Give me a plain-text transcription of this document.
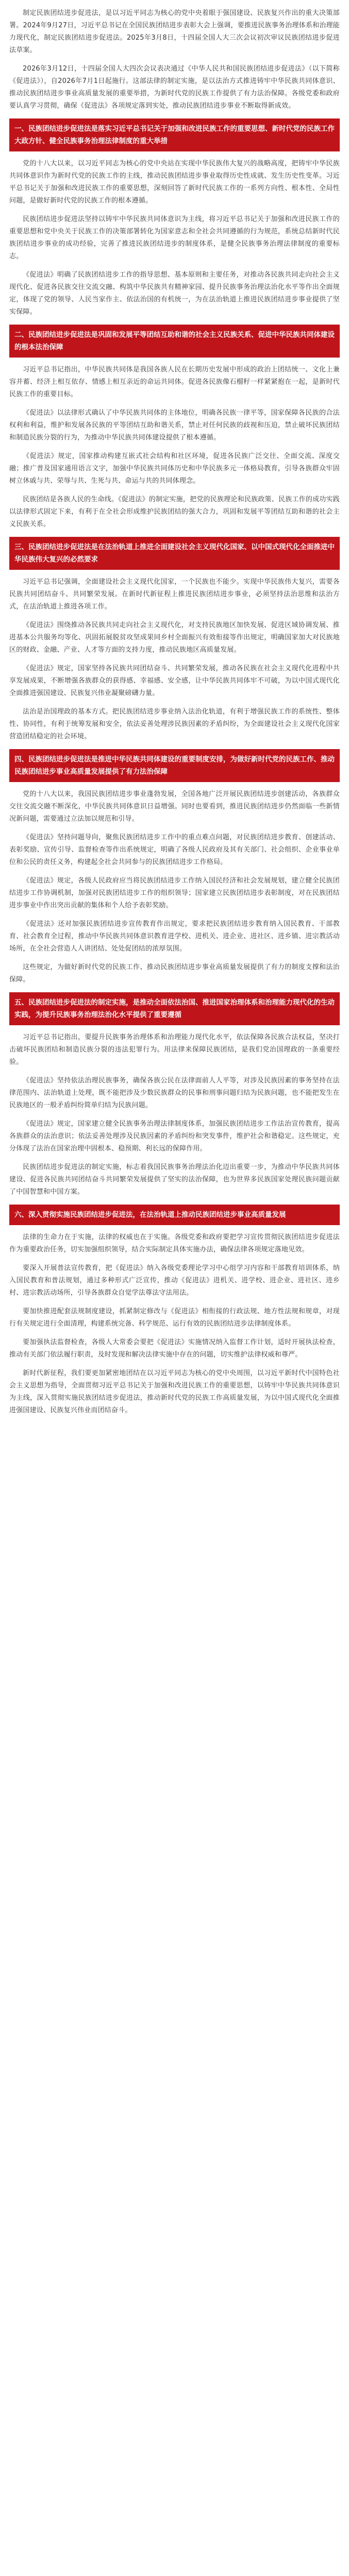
制定民族团结进步促进法，是以习近平同志为核心的党中央着眼于强国建设、民族复兴作出的重大决策部署。2024年9月27日，习近平总书记在全国民族团结进步表彰大会上强调，要推进民族事务治理体系和治理能力现代化，制定民族团结进步促进法。2025年3月8日，十四届全国人大三次会议初次审议民族团结进步促进法草案。

2026年3月12日，十四届全国人大四次会议表决通过《中华人民共和国民族团结进步促进法》（以下简称《促进法》），自2026年7月1日起施行。这部法律的制定实施，是以法治方式推进铸牢中华民族共同体意识、推动民族团结进步事业高质量发展的重要举措，为新时代党的民族工作提供了有力法治保障。各级党委和政府要认真学习贯彻，确保《促进法》各项规定落到实处，推动民族团结进步事业不断取得新成效。

一、民族团结进步促进法是落实习近平总书记关于加强和改进民族工作的重要思想、新时代党的民族工作大政方针、健全民族事务治理法律制度的重大举措

党的十八大以来，以习近平同志为核心的党中央站在实现中华民族伟大复兴的战略高度，把铸牢中华民族共同体意识作为新时代党的民族工作的主线，推动民族团结进步事业取得历史性成就、发生历史性变革。习近平总书记关于加强和改进民族工作的重要思想，深刻回答了新时代民族工作的一系列方向性、根本性、全局性问题，是做好新时代党的民族工作的根本遵循。

民族团结进步促进法坚持以铸牢中华民族共同体意识为主线，将习近平总书记关于加强和改进民族工作的重要思想和党中央关于民族工作的决策部署转化为国家意志和全社会共同遵循的行为规范，系统总结新时代民族团结进步事业的成功经验，完善了推进民族团结进步的制度体系，是健全民族事务治理法律制度的重要标志。

《促进法》明确了民族团结进步工作的指导思想、基本原则和主要任务，对推动各民族共同走向社会主义现代化、促进各民族交往交流交融、构筑中华民族共有精神家园、提升民族事务治理法治化水平等作出全面规定，体现了党的领导、人民当家作主、依法治国的有机统一，为在法治轨道上推进民族团结进步事业提供了坚实保障。

二、民族团结进步促进法是巩固和发展平等团结互助和谐的社会主义民族关系、促进中华民族共同体建设的根本法治保障

习近平总书记指出，中华民族共同体是我国各族人民在长期历史发展中形成的政治上团结统一、文化上兼容并蓄、经济上相互依存、情感上相互亲近的命运共同体。促进各民族像石榴籽一样紧紧抱在一起，是新时代民族工作的重要目标。

《促进法》以法律形式确认了中华民族共同体的主体地位，明确各民族一律平等，国家保障各民族的合法权利和利益，维护和发展各民族的平等团结互助和谐关系，禁止对任何民族的歧视和压迫，禁止破坏民族团结和制造民族分裂的行为，为推动中华民族共同体建设提供了根本遵循。

《促进法》规定，国家推动构建互嵌式社会结构和社区环境，促进各民族广泛交往、全面交流、深度交融；推广普及国家通用语言文字，加强中华民族共同体历史和中华民族多元一体格局教育，引导各族群众牢固树立休戚与共、荣辱与共、生死与共、命运与共的共同体理念。

民族团结是各族人民的生命线。《促进法》的制定实施，把党的民族理论和民族政策、民族工作的成功实践以法律形式固定下来，有利于在全社会形成维护民族团结的强大合力，巩固和发展平等团结互助和谐的社会主义民族关系。

三、民族团结进步促进法是在法治轨道上推进全面建设社会主义现代化国家、以中国式现代化全面推进中华民族伟大复兴的必然要求

习近平总书记强调，全面建设社会主义现代化国家，一个民族也不能少。实现中华民族伟大复兴，需要各民族共同团结奋斗、共同繁荣发展。在新时代新征程上推进民族团结进步事业，必须坚持法治思维和法治方式，在法治轨道上推进各项工作。

《促进法》围绕推动各民族共同走向社会主义现代化，对支持民族地区加快发展、促进区域协调发展、推进基本公共服务均等化、巩固拓展脱贫攻坚成果同乡村全面振兴有效衔接等作出规定，明确国家加大对民族地区的财政、金融、产业、人才等方面的支持力度，推动民族地区高质量发展。

《促进法》规定，国家坚持各民族共同团结奋斗、共同繁荣发展，推动各民族在社会主义现代化进程中共享发展成果，不断增强各族群众的获得感、幸福感、安全感，让中华民族共同体牢不可破，为以中国式现代化全面推进强国建设、民族复兴伟业凝聚磅礴力量。

法治是治国理政的基本方式。把民族团结进步事业纳入法治化轨道，有利于增强民族工作的系统性、整体性、协同性，有利于统筹发展和安全，依法妥善处理涉民族因素的矛盾纠纷，为全面建设社会主义现代化国家营造团结稳定的社会环境。

四、民族团结进步促进法是推进中华民族共同体建设的重要制度安排，为做好新时代党的民族工作、推动民族团结进步事业高质量发展提供了有力法治保障

党的十八大以来，我国民族团结进步事业蓬勃发展，全国各地广泛开展民族团结进步创建活动，各族群众交往交流交融不断深化，中华民族共同体意识日益增强。同时也要看到，推进民族团结进步仍然面临一些新情况新问题，需要通过立法加以规范和引导。

《促进法》坚持问题导向，聚焦民族团结进步工作中的重点难点问题，对民族团结进步教育、创建活动、表彰奖励、宣传引导、监督检查等作出系统规定，明确了各级人民政府及其有关部门、社会组织、企业事业单位和公民的责任义务，构建起全社会共同参与的民族团结进步工作格局。

《促进法》规定，各级人民政府应当将民族团结进步工作纳入国民经济和社会发展规划，建立健全民族团结进步工作协调机制，加强对民族团结进步工作的组织领导；国家建立民族团结进步表彰制度，对在民族团结进步事业中作出突出贡献的集体和个人给予表彰奖励。

《促进法》还对加强民族团结进步宣传教育作出规定，要求把民族团结进步教育纳入国民教育、干部教育、社会教育全过程，推动中华民族共同体意识教育进学校、进机关、进企业、进社区、进乡镇、进宗教活动场所，在全社会营造人人讲团结、处处促团结的浓厚氛围。

这些规定，为做好新时代党的民族工作、推动民族团结进步事业高质量发展提供了有力的制度支撑和法治保障。

五、民族团结进步促进法的制定实施，是推动全面依法治国、推进国家治理体系和治理能力现代化的生动实践，为提升民族事务治理法治化水平提供了重要遵循

习近平总书记指出，要提升民族事务治理体系和治理能力现代化水平，依法保障各民族合法权益，坚决打击破坏民族团结和制造民族分裂的违法犯罪行为。用法律来保障民族团结，是我们党治国理政的一条重要经验。

《促进法》坚持依法治理民族事务，确保各族公民在法律面前人人平等，对涉及民族因素的事务坚持在法律范围内、法治轨道上处理，既不能把涉及少数民族群众的民事和刑事问题归结为民族问题，也不能把发生在民族地区的一般矛盾纠纷简单归结为民族问题。

《促进法》规定，国家建立健全民族事务治理法律制度体系，加强民族团结进步工作法治宣传教育，提高各族群众的法治意识；依法妥善处理涉及民族因素的矛盾纠纷和突发事件，维护社会和谐稳定。这些规定，充分体现了法治在国家治理中固根本、稳预期、利长远的保障作用。

民族团结进步促进法的制定实施，标志着我国民族事务治理法治化迈出重要一步，为推动中华民族共同体建设、促进各民族共同团结奋斗共同繁荣发展提供了坚实的法治保障，也为世界多民族国家处理民族问题贡献了中国智慧和中国方案。

六、深入贯彻实施民族团结进步促进法，在法治轨道上推动民族团结进步事业高质量发展

法律的生命力在于实施，法律的权威也在于实施。各级党委和政府要把学习宣传贯彻民族团结进步促进法作为重要政治任务，切实加强组织领导，结合实际制定具体实施办法，确保法律各项规定落地见效。

要深入开展普法宣传教育，把《促进法》纳入各级党委理论学习中心组学习内容和干部教育培训体系，纳入国民教育和普法规划，通过多种形式广泛宣传，推动《促进法》进机关、进学校、进企业、进社区、进乡村、进宗教活动场所，引导各族群众自觉学法尊法守法用法。

要加快推进配套法规制度建设，抓紧制定修改与《促进法》相衔接的行政法规、地方性法规和规章，对现行有关规定进行全面清理，构建系统完备、科学规范、运行有效的民族团结进步法律制度体系。

要加强执法监督检查，各级人大常委会要把《促进法》实施情况纳入监督工作计划，适时开展执法检查，推动有关部门依法履行职责，及时发现和解决法律实施中存在的问题，切实维护法律权威和尊严。

新时代新征程，我们要更加紧密地团结在以习近平同志为核心的党中央周围，以习近平新时代中国特色社会主义思想为指导，全面贯彻习近平总书记关于加强和改进民族工作的重要思想，以铸牢中华民族共同体意识为主线，深入贯彻实施民族团结进步促进法，推动新时代党的民族工作高质量发展，为以中国式现代化全面推进强国建设、民族复兴伟业而团结奋斗。
